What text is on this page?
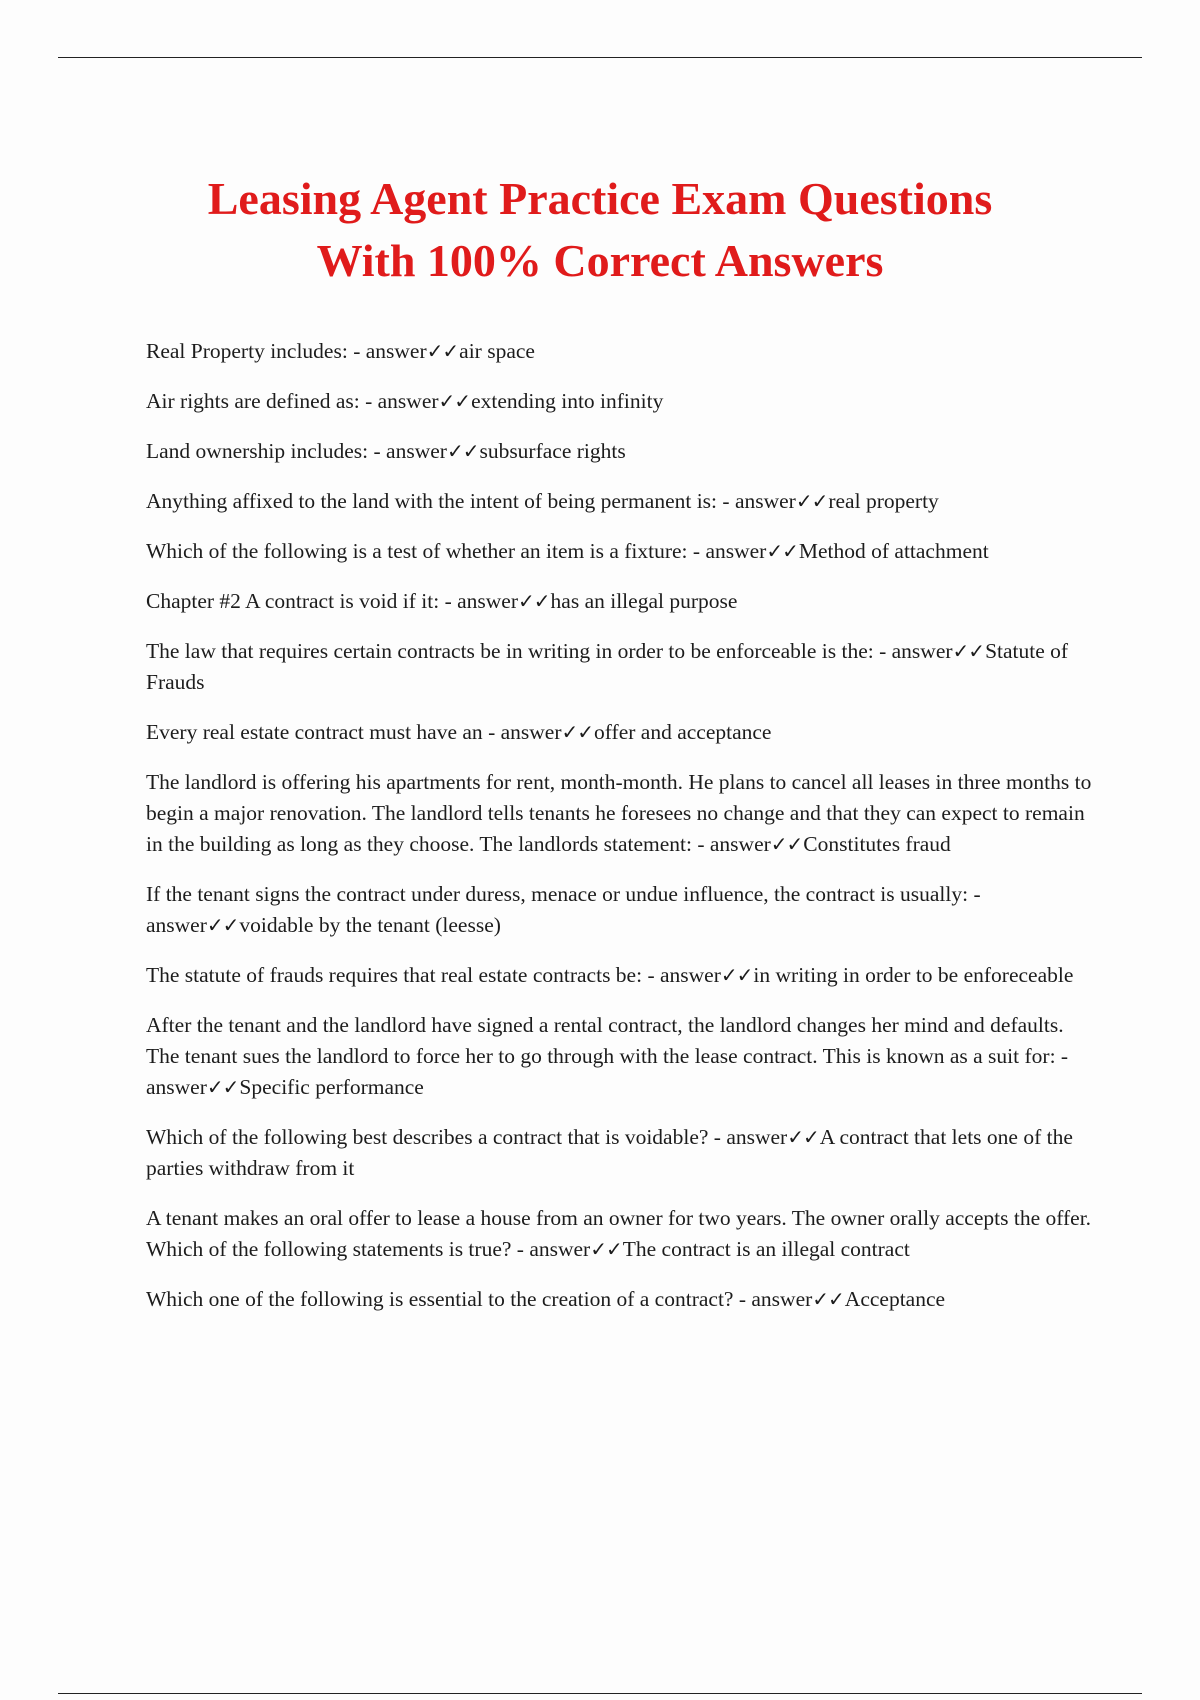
Leasing Agent Practice Exam Questions
With 100% Correct Answers
Real Property includes: - answer✓✓air space
Air rights are defined as: - answer✓✓extending into infinity
Land ownership includes: - answer✓✓subsurface rights
Anything affixed to the land with the intent of being permanent is: - answer✓✓real property
Which of the following is a test of whether an item is a fixture: - answer✓✓Method of attachment
Chapter #2 A contract is void if it: - answer✓✓has an illegal purpose
The law that requires certain contracts be in writing in order to be enforceable is the: - answer✓✓Statute of Frauds
Every real estate contract must have an - answer✓✓offer and acceptance
The landlord is offering his apartments for rent, month-month. He plans to cancel all leases in three months to begin a major renovation. The landlord tells tenants he foresees no change and that they can expect to remain in the building as long as they choose. The landlords statement: - answer✓✓Constitutes fraud
If the tenant signs the contract under duress, menace or undue influence, the contract is usually: - answer✓✓voidable by the tenant (leesse)
The statute of frauds requires that real estate contracts be: - answer✓✓in writing in order to be enforeceable
After the tenant and the landlord have signed a rental contract, the landlord changes her mind and defaults. The tenant sues the landlord to force her to go through with the lease contract. This is known as a suit for: - answer✓✓Specific performance
Which of the following best describes a contract that is voidable? - answer✓✓A contract that lets one of the parties withdraw from it
A tenant makes an oral offer to lease a house from an owner for two years. The owner orally accepts the offer. Which of the following statements is true? - answer✓✓The contract is an illegal contract
Which one of the following is essential to the creation of a contract? - answer✓✓Acceptance
